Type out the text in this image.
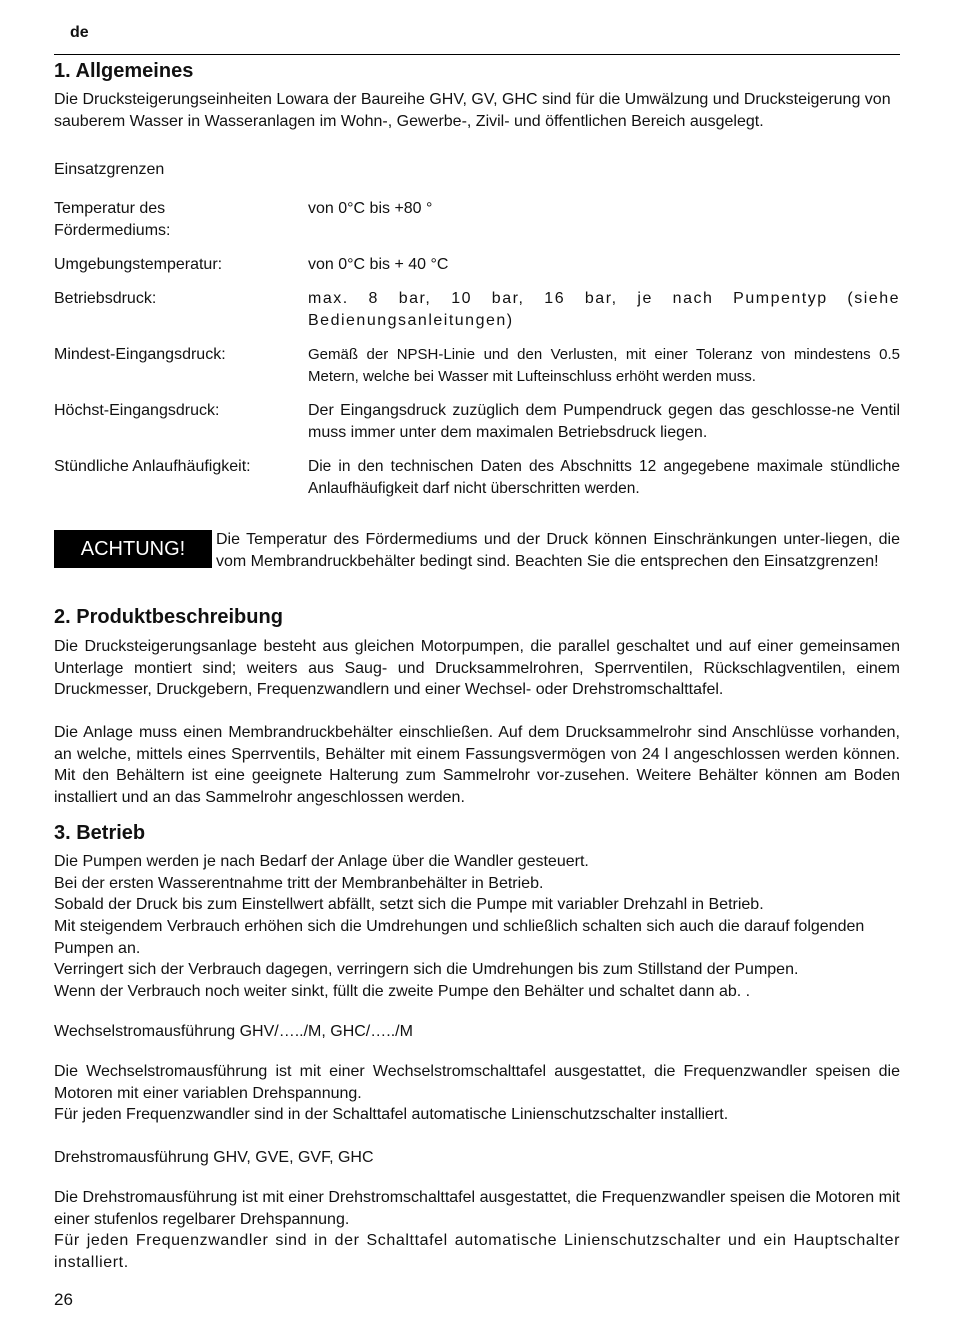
de
1. Allgemeines

Die Drucksteigerungseinheiten Lowara der Baureihe GHV, GV, GHC sind für die Umwälzung und Drucksteigerung von sauberem Wasser in Wasseranlagen im Wohn-, Gewerbe-, Zivil- und öffentlichen Bereich ausgelegt.

Einsatzgrenzen
Temperatur des Fördermediums:
von 0°C bis +80 °
Umgebungstemperatur:	von 0°C bis + 40 °C
Betriebsdruck:	max. 8 bar, 10 bar, 16 bar, je nach Pumpentyp (siehe Bedienungsanleitungen)
Mindest-Eingangsdruck:	Gemäß der NPSH-Linie und den Verlusten, mit einer Toleranz von mindestens 0.5 Metern, welche bei Wasser mit Lufteinschluss erhöht werden muss.
Höchst-Eingangsdruck:	Der Eingangsdruck zuzüglich dem Pumpendruck gegen das geschlosse-ne Ventil muss immer unter dem maximalen Betriebsdruck liegen.
Stündliche Anlaufhäufigkeit:	Die in den technischen Daten des Abschnitts 12 angegebene maximale stündliche Anlaufhäufigkeit darf nicht überschritten werden.
ACHTUNG!	Die Temperatur des Fördermediums und der Druck können Einschränkungen unter-liegen, die vom Membrandruckbehälter bedingt sind. Beachten Sie die entsprechen den Einsatzgrenzen!
2. Produktbeschreibung

Die Drucksteigerungsanlage besteht aus gleichen Motorpumpen, die parallel geschaltet und auf einer gemeinsamen Unterlage montiert sind; weiters aus Saug- und Drucksammelrohren, Sperrventilen, Rückschlagventilen, einem Druckmesser, Druckgebern, Frequenzwandlern und einer Wechsel- oder Drehstromschalttafel.

Die Anlage muss einen Membrandruckbehälter einschließen. Auf dem Drucksammelrohr sind Anschlüsse vorhanden, an welche, mittels eines Sperrventils, Behälter mit einem Fassungsvermögen von 24 l angeschlossen werden können. Mit den Behältern ist eine geeignete Halterung zum Sammelrohr vor-zusehen. Weitere Behälter können am Boden installiert und an das Sammelrohr angeschlossen werden.

3. Betrieb

Die Pumpen werden je nach Bedarf der Anlage über die Wandler gesteuert.

Bei der ersten Wasserentnahme tritt der Membranbehälter in Betrieb.

Sobald der Druck bis zum Einstellwert abfällt, setzt sich die Pumpe mit variabler Drehzahl in Betrieb.

Mit steigendem Verbrauch erhöhen sich die Umdrehungen und schließlich schalten sich auch die darauf folgenden Pumpen an.

Verringert sich der Verbrauch dagegen, verringern sich die Umdrehungen bis zum Stillstand der Pumpen.

Wenn der Verbrauch noch weiter sinkt, füllt die zweite Pumpe den Behälter und schaltet dann ab. .

Wechselstromausführung GHV/…../M, GHC/…../M

Die Wechselstromausführung ist mit einer Wechselstromschalttafel ausgestattet, die Frequenzwandler speisen die Motoren mit einer variablen Drehspannung.

Für jeden Frequenzwandler sind in der Schalttafel automatische Linienschutzschalter installiert.

Drehstromausführung GHV, GVE, GVF, GHC

Die Drehstromausführung ist mit einer Drehstromschalttafel ausgestattet, die Frequenzwandler speisen die Motoren mit einer stufenlos regelbarer Drehspannung.

Für jeden Frequenzwandler sind in der Schalttafel automatische Linienschutzschalter und ein Hauptschalter installiert.

26
